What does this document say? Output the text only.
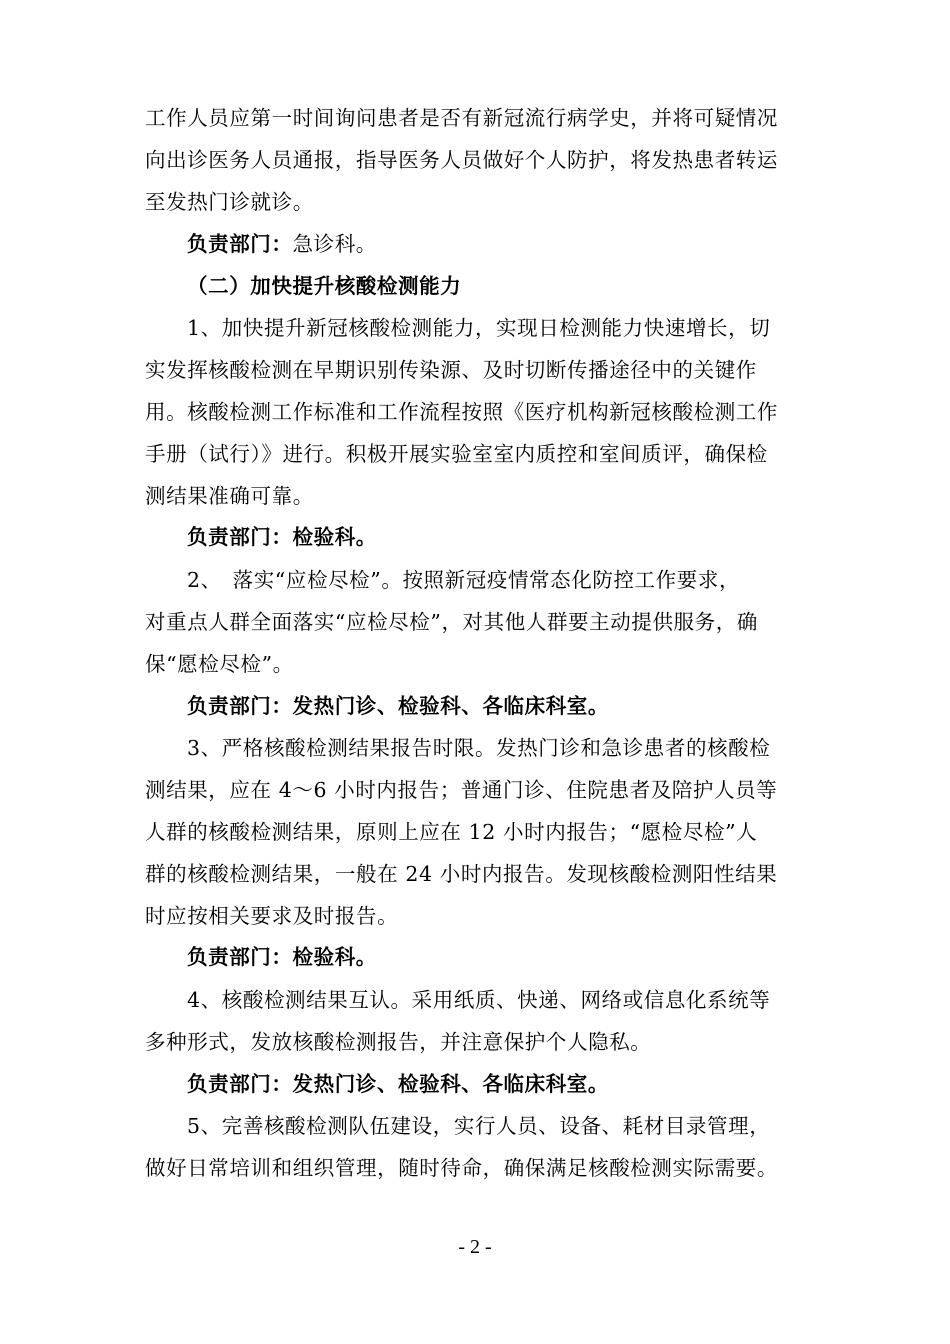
工作人员应第一时间询问患者是否有新冠流行病学史，并将可疑情况
向出诊医务人员通报，指导医务人员做好个人防护，将发热患者转运
至发热门诊就诊。
负责部门：急诊科。
（二）加快提升核酸检测能力
1、加快提升新冠核酸检测能力，实现日检测能力快速增长，切
实发挥核酸检测在早期识别传染源、及时切断传播途径中的关键作
用。核酸检测工作标准和工作流程按照《医疗机构新冠核酸检测工作
手册（试行）》进行。积极开展实验室室内质控和室间质评，确保检
测结果准确可靠。
负责部门：检验科。
2、　落实“应检尽检”。按照新冠疫情常态化防控工作要求，
对重点人群全面落实“应检尽检”，对其他人群要主动提供服务，确
保“愿检尽检”。
负责部门：发热门诊、检验科、各临床科室。
3、严格核酸检测结果报告时限。发热门诊和急诊患者的核酸检
测结果，应在 4～6 小时内报告；普通门诊、住院患者及陪护人员等
人群的核酸检测结果，原则上应在 12 小时内报告；“愿检尽检”人
群的核酸检测结果，一般在 24 小时内报告。发现核酸检测阳性结果
时应按相关要求及时报告。
负责部门：检验科。
4、核酸检测结果互认。采用纸质、快递、网络或信息化系统等
多种形式，发放核酸检测报告，并注意保护个人隐私。
负责部门：发热门诊、检验科、各临床科室。
5、完善核酸检测队伍建设，实行人员、设备、耗材目录管理，
做好日常培训和组织管理，随时待命，确保满足核酸检测实际需要。
- 2 -
